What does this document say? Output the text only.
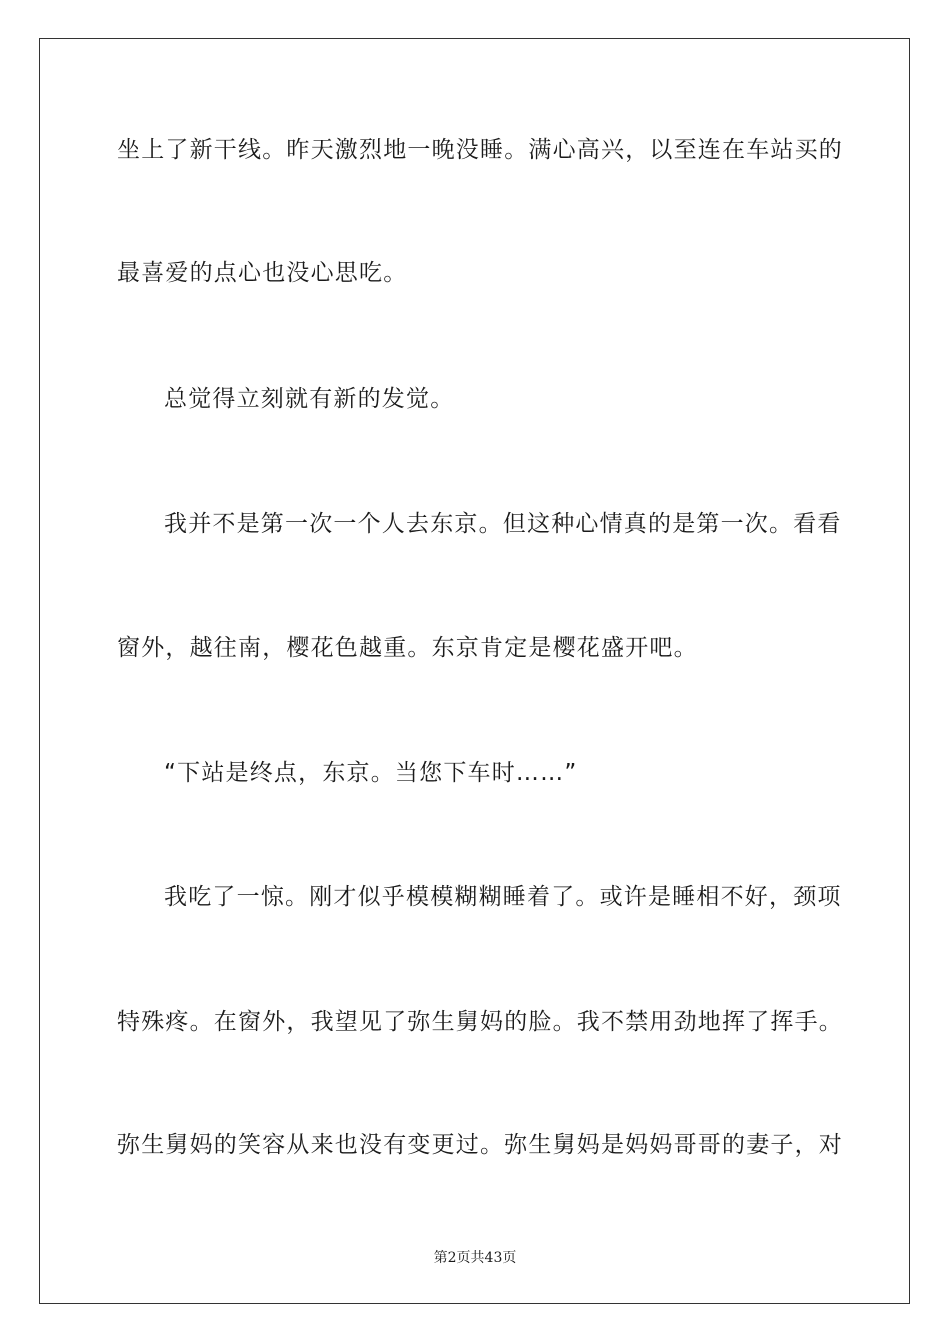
坐上了新干线。昨天激烈地一晚没睡。满心高兴，以至连在车站买的
最喜爱的点心也没心思吃。
总觉得立刻就有新的发觉。
我并不是第一次一个人去东京。但这种心情真的是第一次。看看
窗外，越往南，樱花色越重。东京肯定是樱花盛开吧。
“下站是终点，东京。当您下车时……”
我吃了一惊。刚才似乎模模糊糊睡着了。或许是睡相不好，颈项
特殊疼。在窗外，我望见了弥生舅妈的脸。我不禁用劲地挥了挥手。
弥生舅妈的笑容从来也没有变更过。弥生舅妈是妈妈哥哥的妻子，对
第2页共43页
